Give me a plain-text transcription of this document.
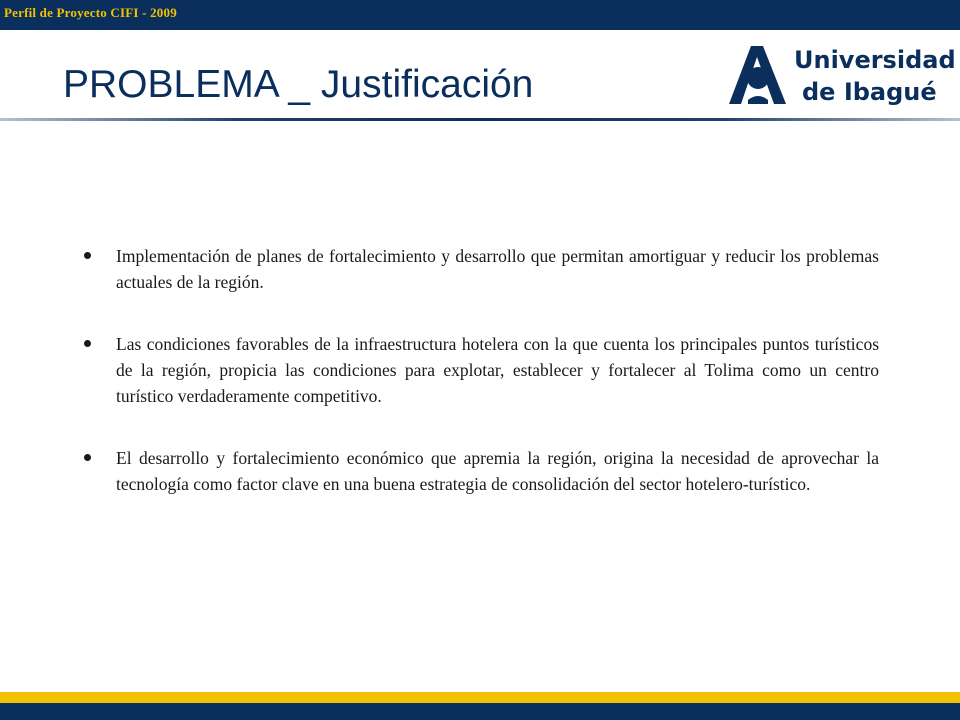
Perfil de Proyecto CIFI - 2009
PROBLEMA _ Justificación
Universidad
de Ibagué
Implementación de planes de fortalecimiento y desarrollo que permitan amortiguar y reducir los problemas actuales de la región.
Las condiciones favorables de la infraestructura hotelera con la que cuenta los principales puntos turísticos de la región, propicia las condiciones para explotar, establecer y fortalecer al Tolima como un centro turístico verdaderamente competitivo.
El desarrollo y fortalecimiento económico que apremia la región, origina la necesidad de aprovechar la tecnología como factor clave en una buena estrategia de consolidación del sector hotelero-turístico.
